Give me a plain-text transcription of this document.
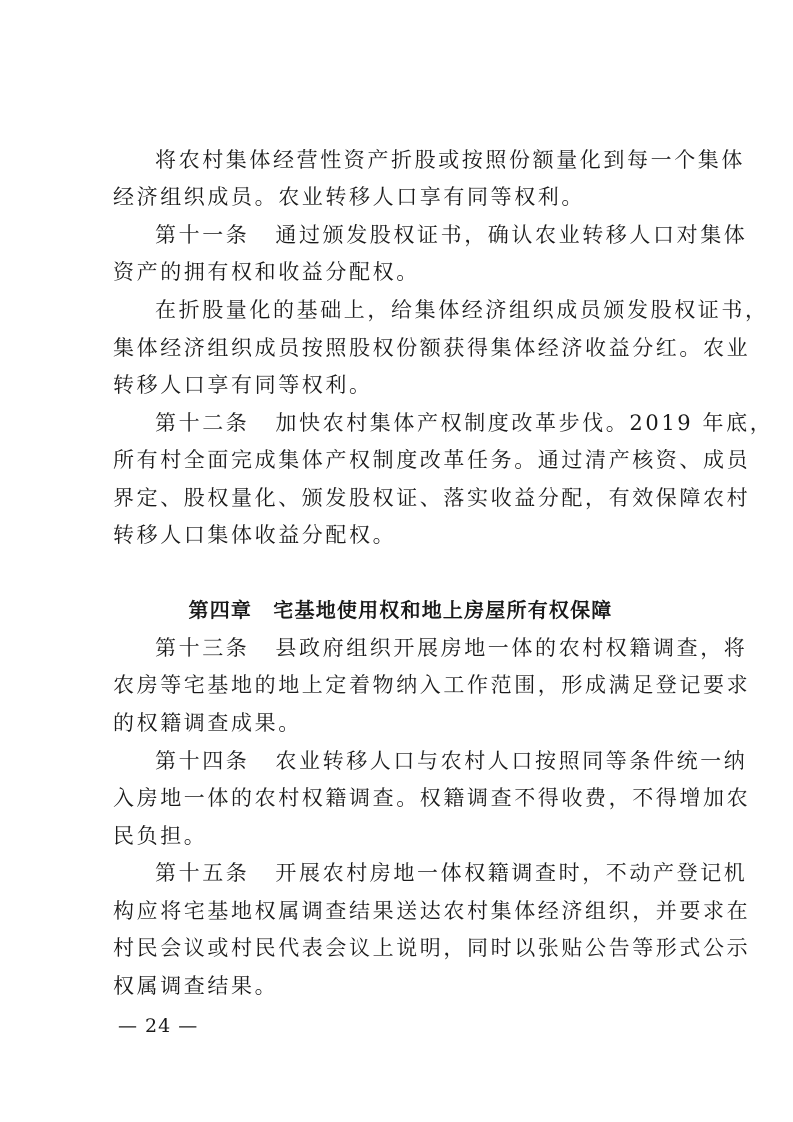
将农村集体经营性资产折股或按照份额量化到每一个集体
经济组织成员。农业转移人口享有同等权利。
第十一条 通过颁发股权证书，确认农业转移人口对集体
资产的拥有权和收益分配权。
在折股量化的基础上，给集体经济组织成员颁发股权证书，
集体经济组织成员按照股权份额获得集体经济收益分红。农业
转移人口享有同等权利。
第十二条 加快农村集体产权制度改革步伐。2019 年底，
所有村全面完成集体产权制度改革任务。通过清产核资、成员
界定、股权量化、颁发股权证、落实收益分配，有效保障农村
转移人口集体收益分配权。
第四章　宅基地使用权和地上房屋所有权保障
第十三条 县政府组织开展房地一体的农村权籍调查，将
农房等宅基地的地上定着物纳入工作范围，形成满足登记要求
的权籍调查成果。
第十四条 农业转移人口与农村人口按照同等条件统一纳
入房地一体的农村权籍调查。权籍调查不得收费，不得增加农
民负担。
第十五条 开展农村房地一体权籍调查时，不动产登记机
构应将宅基地权属调查结果送达农村集体经济组织，并要求在
村民会议或村民代表会议上说明，同时以张贴公告等形式公示
权属调查结果。
— 24 —
